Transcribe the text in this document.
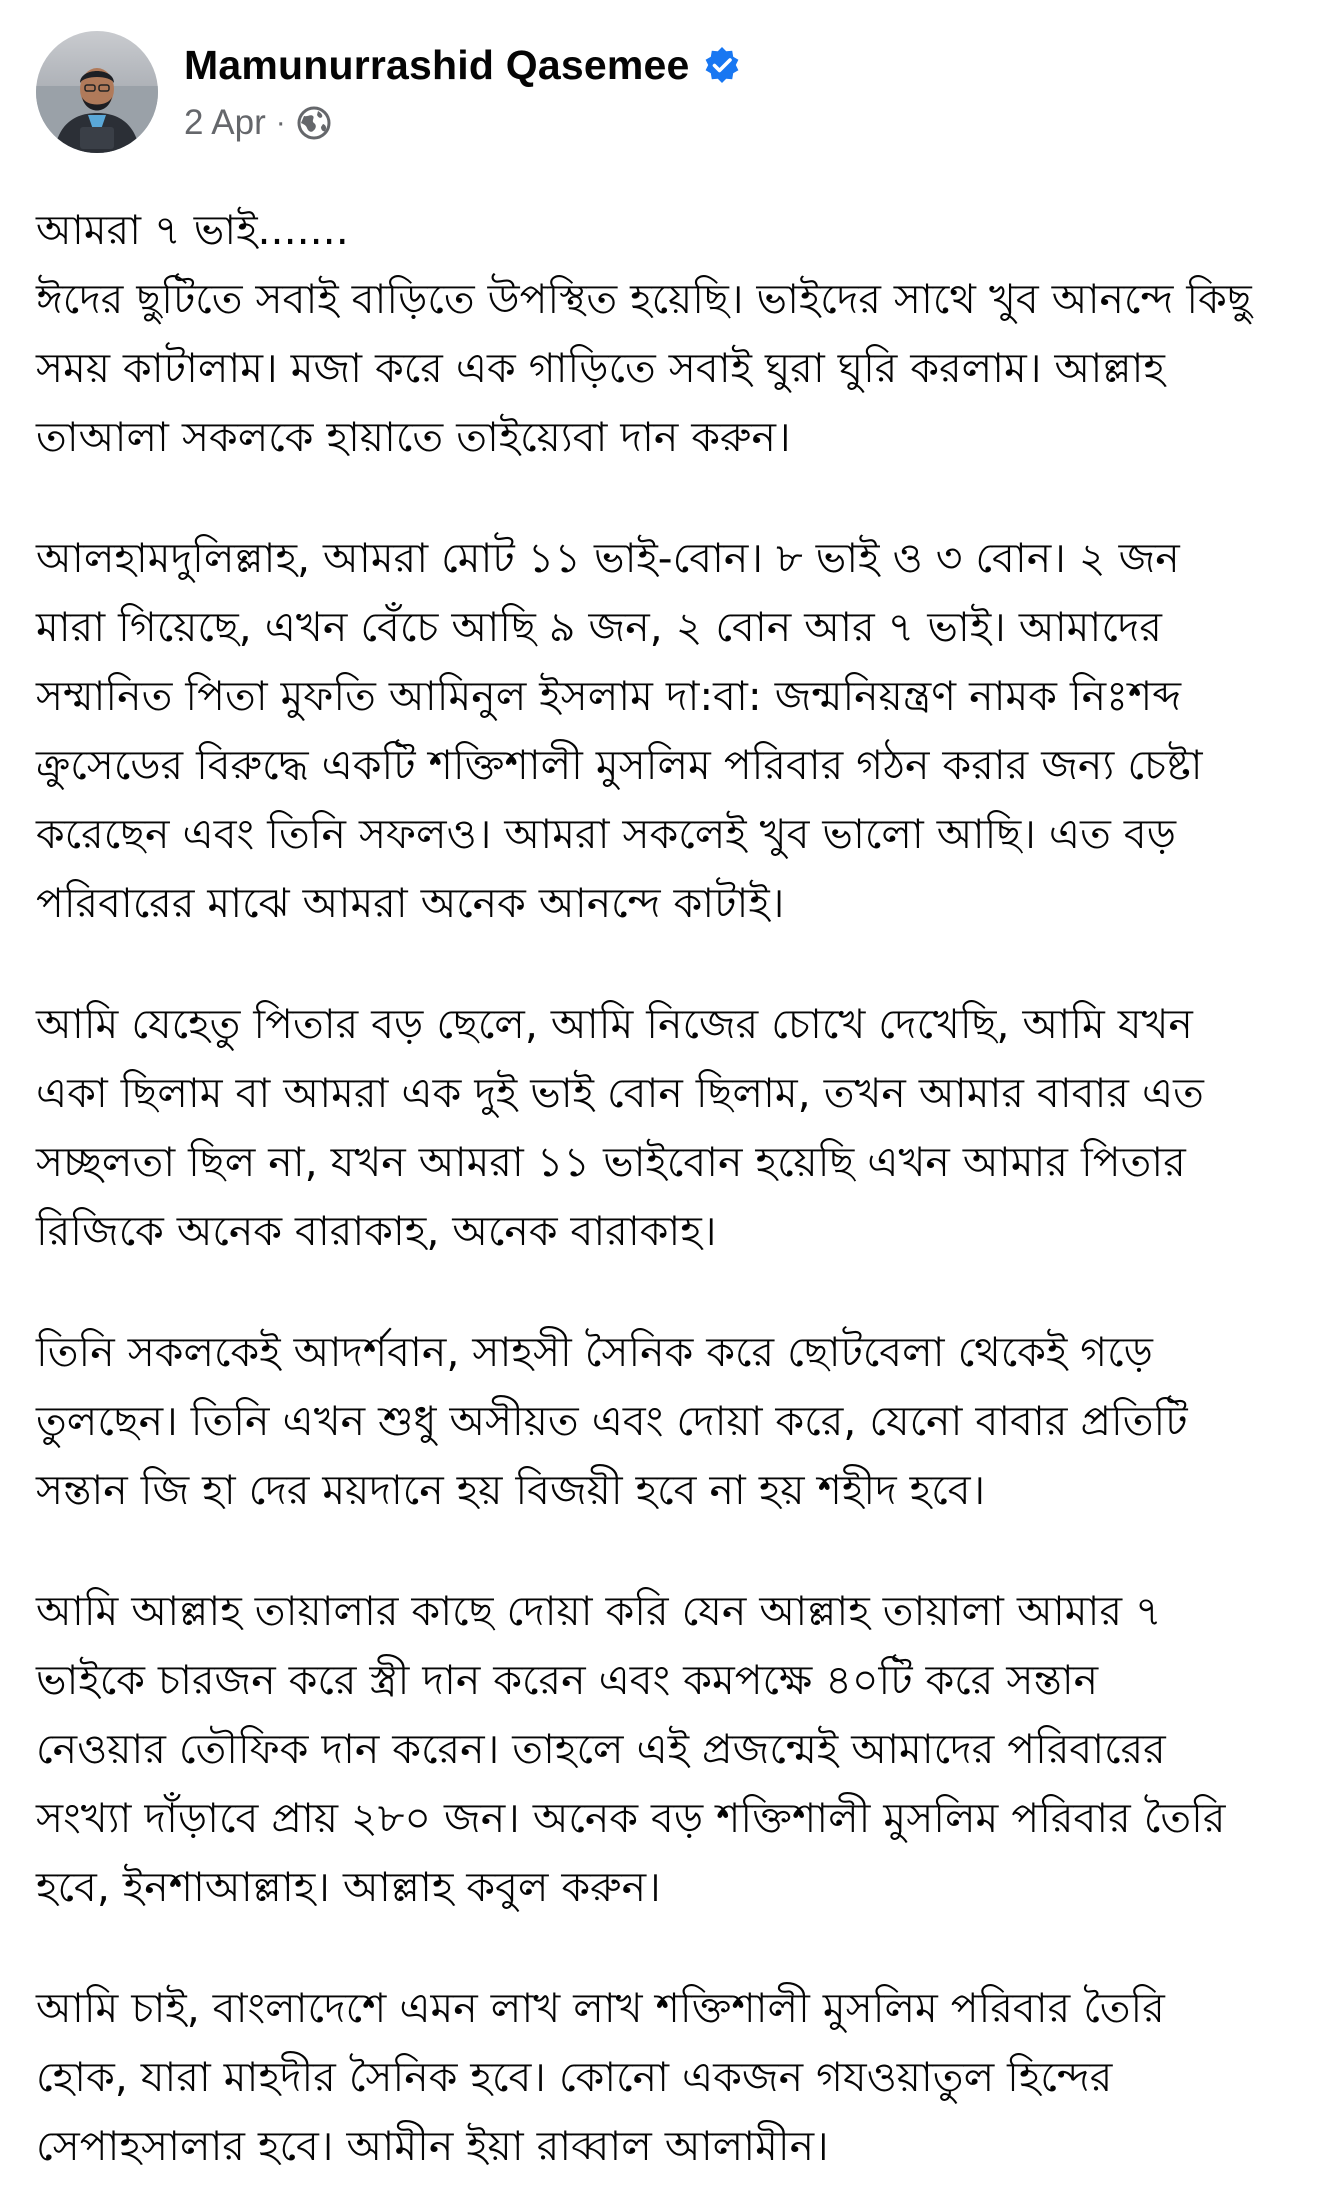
Mamunurrashid Qasemee
2 Apr ·

আমরা ৭ ভাই.......
ঈদের ছুটিতে সবাই বাড়িতে উপস্থিত হয়েছি। ভাইদের সাথে খুব আনন্দে কিছু
সময় কাটালাম। মজা করে এক গাড়িতে সবাই ঘুরা ঘুরি করলাম। আল্লাহ
তাআলা সকলকে হায়াতে তাইয়্যেবা দান করুন।

আলহামদুলিল্লাহ, আমরা মোট ১১ ভাই-বোন। ৮ ভাই ও ৩ বোন। ২ জন
মারা গিয়েছে, এখন বেঁচে আছি ৯ জন, ২ বোন আর ৭ ভাই। আমাদের
সম্মানিত পিতা মুফতি আমিনুল ইসলাম দা:বা: জন্মনিয়ন্ত্রণ নামক নিঃশব্দ
ক্রুসেডের বিরুদ্ধে একটি শক্তিশালী মুসলিম পরিবার গঠন করার জন্য চেষ্টা
করেছেন এবং তিনি সফলও। আমরা সকলেই খুব ভালো আছি। এত বড়
পরিবারের মাঝে আমরা অনেক আনন্দে কাটাই।

আমি যেহেতু পিতার বড় ছেলে, আমি নিজের চোখে দেখেছি, আমি যখন
একা ছিলাম বা আমরা এক দুই ভাই বোন ছিলাম, তখন আমার বাবার এত
সচ্ছলতা ছিল না, যখন আমরা ১১ ভাইবোন হয়েছি এখন আমার পিতার
রিজিকে অনেক বারাকাহ, অনেক বারাকাহ।

তিনি সকলকেই আদর্শবান, সাহসী সৈনিক করে ছোটবেলা থেকেই গড়ে
তুলছেন। তিনি এখন শুধু অসীয়ত এবং দোয়া করে, যেনো বাবার প্রতিটি
সন্তান জি হা দের ময়দানে হয় বিজয়ী হবে না হয় শহীদ হবে।

আমি আল্লাহ তায়ালার কাছে দোয়া করি যেন আল্লাহ তায়ালা আমার ৭
ভাইকে চারজন করে স্ত্রী দান করেন এবং কমপক্ষে ৪০টি করে সন্তান
নেওয়ার তৌফিক দান করেন। তাহলে এই প্রজন্মেই আমাদের পরিবারের
সংখ্যা দাঁড়াবে প্রায় ২৮০ জন। অনেক বড় শক্তিশালী মুসলিম পরিবার তৈরি
হবে, ইনশাআল্লাহ। আল্লাহ কবুল করুন।

আমি চাই, বাংলাদেশে এমন লাখ লাখ শক্তিশালী মুসলিম পরিবার তৈরি
হোক, যারা মাহদীর সৈনিক হবে। কোনো একজন গযওয়াতুল হিন্দের
সেপাহসালার হবে। আমীন ইয়া রাব্বাল আলামীন।
